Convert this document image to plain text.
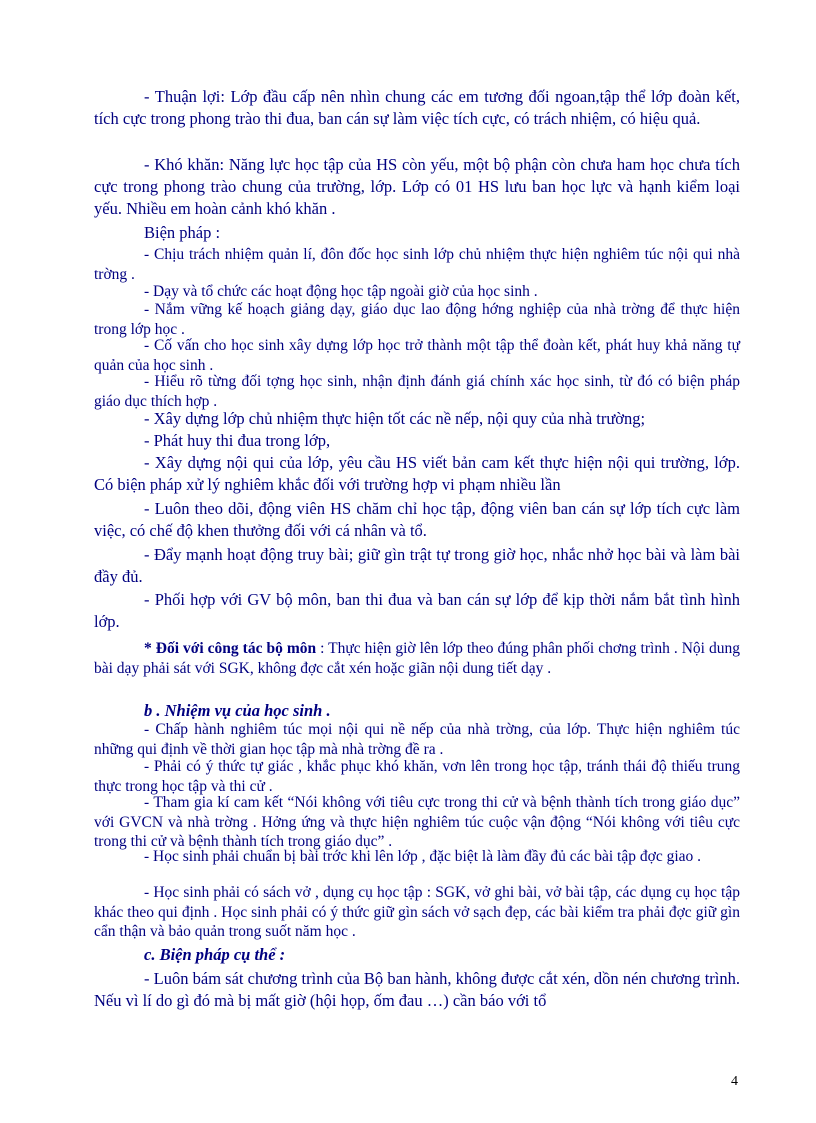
- Thuận lợi: Lớp đầu cấp nên nhìn chung các em tương đối ngoan,tập thể lớp đoàn kết, tích cực trong phong trào thi đua, ban cán sự làm việc tích cực, có trách nhiệm, có hiệu quả.

- Khó khăn: Năng lực học tập của HS còn yếu, một bộ phận còn chưa ham học chưa tích cực trong phong trào chung của trường, lớp. Lớp có 01 HS lưu ban học lực và hạnh kiểm loại yếu. Nhiều em hoàn cảnh khó khăn .

Biện pháp :

- Chịu trách nhiệm quản lí, đôn đốc học sinh lớp chủ nhiệm thực hiện nghiêm túc nội qui nhà trờng .

- Dạy và tổ chức các hoạt động học tập ngoài giờ của học sinh .

- Nắm vững kế hoạch giảng dạy, giáo dục lao động hớng nghiệp của nhà trờng để thực hiện trong lớp học .

- Cố vấn cho học sinh xây dựng lớp học trở thành một tập thể đoàn kết, phát huy khả năng tự quản của học sinh .

- Hiểu rõ từng đối tợng học sinh, nhận định đánh giá chính xác học sinh, từ đó có biện pháp giáo dục thích hợp .

- Xây dựng lớp chủ nhiệm thực hiện tốt các nề nếp, nội quy của nhà trường;

- Phát huy thi đua trong lớp,

- Xây dựng nội qui của lớp, yêu cầu HS viết bản cam kết thực hiện nội qui trường, lớp. Có biện pháp xử lý nghiêm khắc đối với trường hợp vi phạm nhiều lần

- Luôn theo dõi, động viên HS chăm chỉ học tập, động viên ban cán sự lớp tích cực làm việc, có chế độ khen thưởng đối với cá nhân và tổ.

- Đẩy mạnh hoạt động truy bài; giữ gìn trật tự trong giờ học, nhắc nhở học bài và làm bài đầy đủ.

- Phối hợp với GV bộ môn, ban thi đua và ban cán sự lớp để kịp thời nắm bắt tình hình lớp.

* Đối với công tác bộ môn : Thực hiện giờ lên lớp theo đúng phân phối chơng trình . Nội dung bài dạy phải sát với SGK, không đợc cắt xén hoặc giãn nội dung tiết dạy .

b . Nhiệm vụ của học sinh .

- Chấp hành nghiêm túc mọi nội qui nề nếp của nhà trờng, của lớp. Thực hiện nghiêm túc những qui định về thời gian học tập mà nhà trờng đề ra .

- Phải có ý thức tự giác , khắc phục khó khăn, vơn lên trong học tập, tránh thái độ thiếu trung thực trong học tập và thi cử .

- Tham gia kí cam kết “Nói không với tiêu cực trong thi cử và bệnh thành tích trong giáo dục” với GVCN và nhà trờng . Hởng ứng và thực hiện nghiêm túc cuộc vận động “Nói không với tiêu cực trong thi cử và bệnh thành tích trong giáo dục” .

- Học sinh phải chuẩn bị bài trớc khi lên lớp , đặc biệt là làm đầy đủ các bài tập đợc giao .

- Học sinh phải có sách vở , dụng cụ học tập : SGK, vở ghi bài, vở bài tập, các dụng cụ học tập khác theo qui định . Học sinh phải có ý thức giữ gìn sách vở sạch đẹp, các bài kiểm tra phải đợc giữ gìn cẩn thận và bảo quản trong suốt năm học .

c. Biện pháp cụ thể :

- Luôn bám sát chương trình của Bộ ban hành, không được cắt xén, dồn nén chương trình. Nếu vì lí do gì đó mà bị mất giờ (hội họp, ốm đau …) cần báo với tổ

4
